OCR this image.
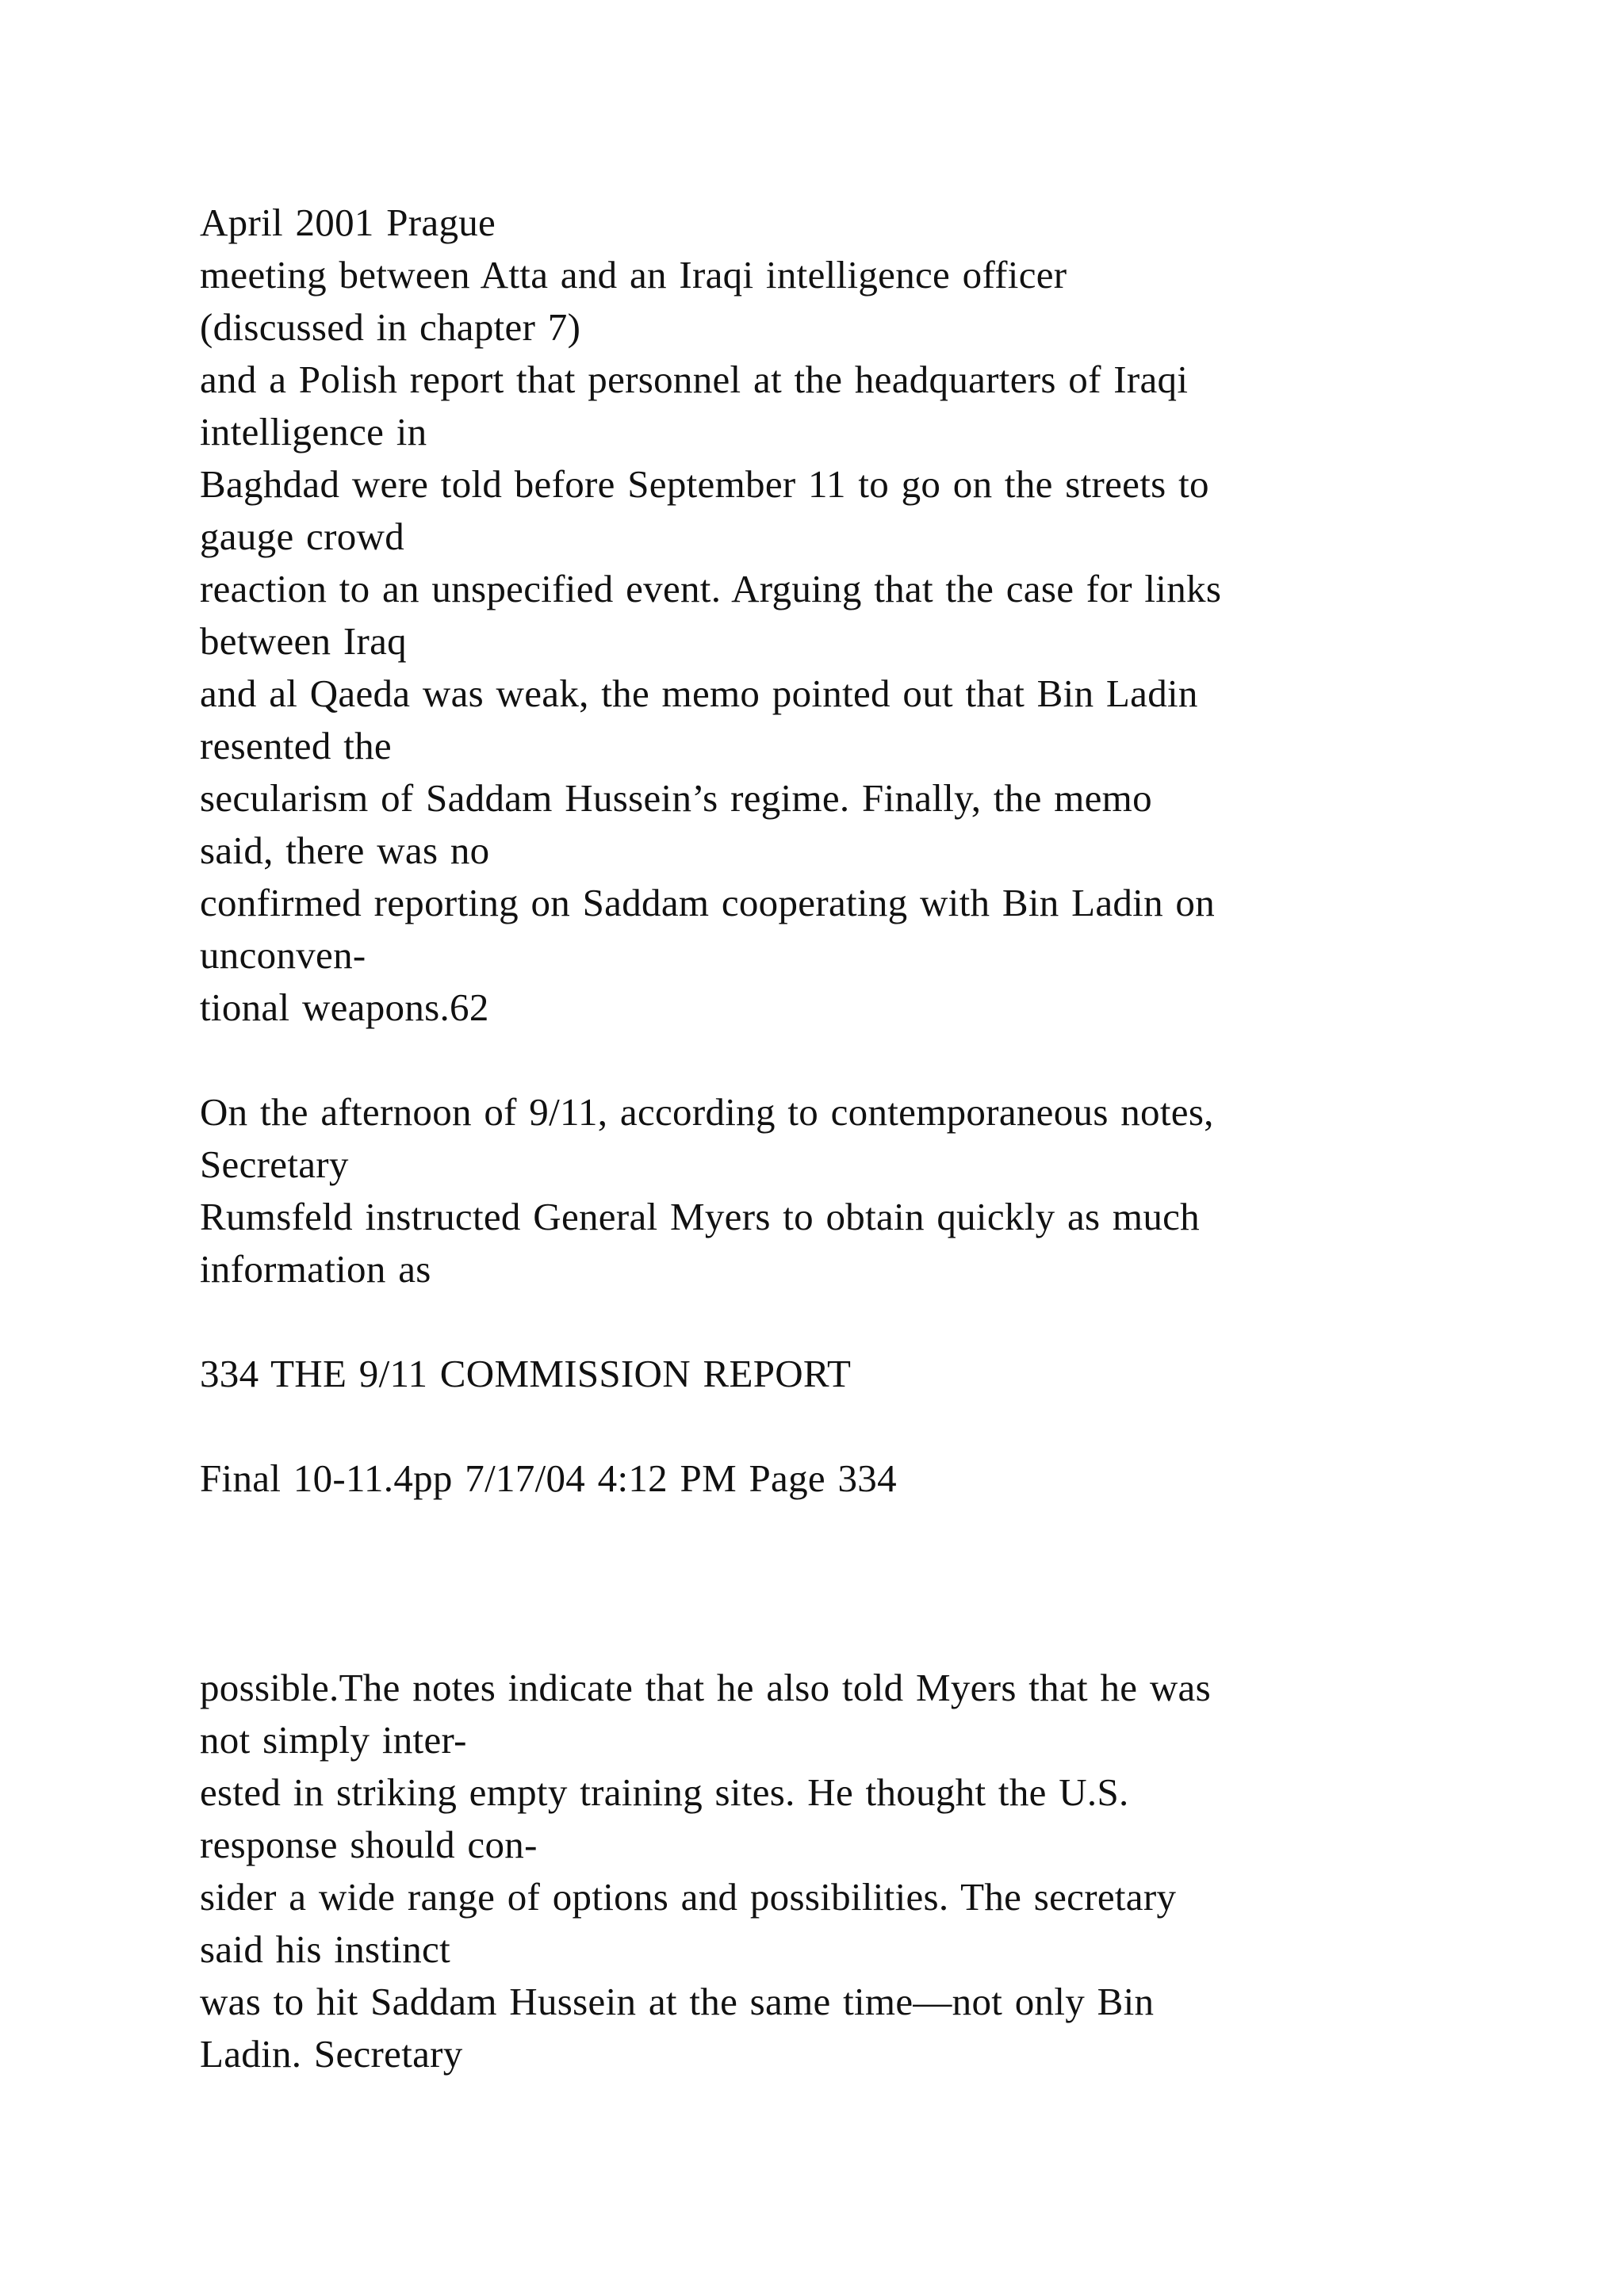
April 2001 Prague

meeting between Atta and an Iraqi intelligence officer

(discussed in chapter 7)

and a Polish report that personnel at the headquarters of Iraqi

intelligence in

Baghdad were told before September 11 to go on the streets to

gauge crowd

reaction to an unspecified event. Arguing that the case for links

between Iraq

and al Qaeda was weak, the memo pointed out that Bin Ladin

resented the

secularism of Saddam Hussein’s regime. Finally, the memo

said, there was no

confirmed reporting on Saddam cooperating with Bin Ladin on

unconven-

tional weapons.62

On the afternoon of 9/11, according to contemporaneous notes,

Secretary

Rumsfeld instructed General Myers to obtain quickly as much

information as

334 THE 9/11 COMMISSION REPORT

Final 10-11.4pp 7/17/04 4:12 PM Page 334

possible.The notes indicate that he also told Myers that he was

not simply inter-

ested in striking empty training sites. He thought the U.S.

response should con-

sider a wide range of options and possibilities. The secretary

said his instinct

was to hit Saddam Hussein at the same time—not only Bin

Ladin. Secretary
